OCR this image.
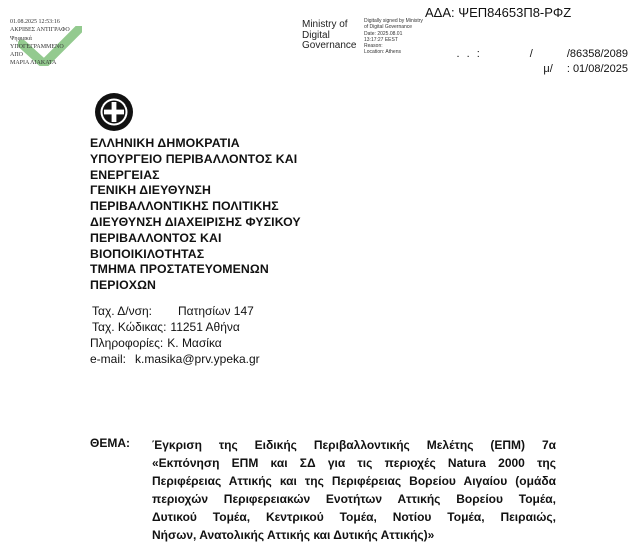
01.08.2025 12:53:16
ΑΚΡΙΒΕΣ ΑΝΤΙΓΡΑΦΟ
Ψηφιακά
ΥΠΟΓΕΓΡΑΜΜΕΝΟ
ΑΠΟ
ΜΑΡΙΑ ΛΙΑΚΑΤΑ
ΑΔΑ: ΨΕΠ84653Π8-ΡΦΖ
Ministry of
Digital
Governance
Digitally signed by Ministry
of Digital Governance
Date: 2025.08.01
13:17:27 EEST
Reason:
Location: Athens	. . :	/	/86358/2089
μ/ : 01/08/2025
ΕΛΛΗΝΙΚΗ ΔΗΜΟΚΡΑΤΙΑ
ΥΠΟΥΡΓΕΙΟ ΠΕΡΙΒΑΛΛΟΝΤΟΣ ΚΑΙ
ΕΝΕΡΓΕΙΑΣ
ΓΕΝΙΚΗ ΔΙΕΥΘΥΝΣΗ
ΠΕΡΙΒΑΛΛΟΝΤΙΚΗΣ ΠΟΛΙΤΙΚΗΣ
ΔΙΕΥΘΥΝΣΗ ΔΙΑΧΕΙΡΙΣΗΣ ΦΥΣΙΚΟΥ
ΠΕΡΙΒΑΛΛΟΝΤΟΣ ΚΑΙ
ΒΙΟΠΟΙΚΙΛΟΤΗΤΑΣ
ΤΜΗΜΑ ΠΡΟΣΤΑΤΕΥΟΜΕΝΩΝ
ΠΕΡΙΟΧΩΝ
Ταχ. Δ/νση: Πατησίων 147
Ταχ. Κώδικας: 11251 Αθήνα
Πληροφορίες: Κ. Μασίκα
e-mail: k.masika@prv.ypeka.gr
ΘΕΜΑ: Έγκριση της Ειδικής Περιβαλλοντικής Μελέτης (ΕΠΜ) 7α
«Εκπόνηση ΕΠΜ και ΣΔ για τις περιοχές Natura 2000 της
Περιφέρειας Αττικής και της Περιφέρειας Βορείου Αιγαίου (ομάδα
περιοχών Περιφερειακών Ενοτήτων Αττικής Βορείου Τομέα,
Δυτικού Τομέα, Κεντρικού Τομέα, Νοτίου Τομέα, Πειραιώς,
Νήσων, Ανατολικής Αττικής και Δυτικής Αττικής)»
